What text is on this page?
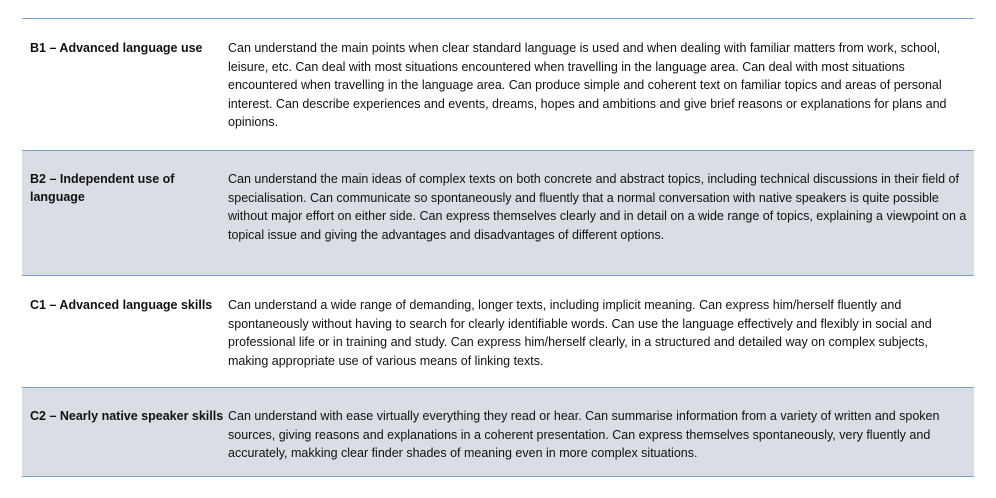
B1 – Advanced language use	Can understand the main points when clear standard language is used and when dealing with familiar matters from work, school, leisure, etc. Can deal with most situations encountered when travelling in the language area. Can deal with most situations encountered when travelling in the language area. Can produce simple and coherent text on familiar topics and areas of personal interest. Can describe experiences and events, dreams, hopes and ambitions and give brief reasons or explanations for plans and opinions.
B2 – Independent use of language
Can understand the main ideas of complex texts on both concrete and abstract topics, including technical discussions in their field of specialisation. Can communicate so spontaneously and fluently that a normal conversation with native speakers is quite possible without major effort on either side. Can express themselves clearly and in detail on a wide range of topics, explaining a viewpoint on a topical issue and giving the advantages and disadvantages of different options.
C1 – Advanced language skills	Can understand a wide range of demanding, longer texts, including implicit meaning. Can express him/herself fluently and spontaneously without having to search for clearly identifiable words. Can use the language effectively and flexibly in social and professional life or in training and study. Can express him/herself clearly, in a structured and detailed way on complex subjects, making appropriate use of various means of linking texts.
C2 – Nearly native speaker skills Can understand with ease virtually everything they read or hear. Can summarise information from a variety of written and spoken sources, giving reasons and explanations in a coherent presentation. Can express themselves spontaneously, very fluently and accurately, makking clear finder shades of meaning even in more complex situations.
